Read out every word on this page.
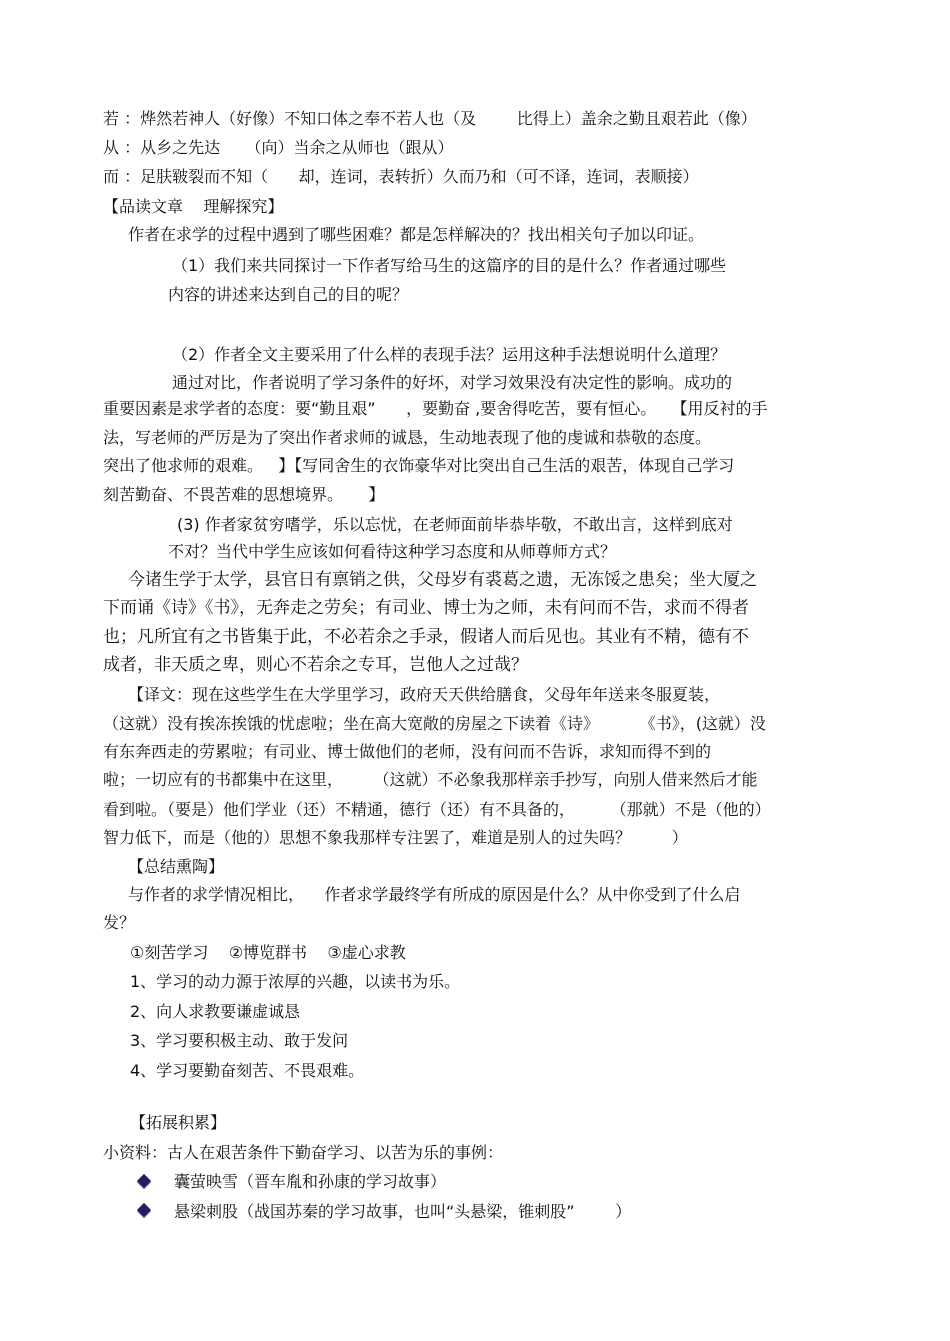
若 ：烨然若神人（好像）不知口体之奉不若人也（及        比得上）盖余之勤且艰若此（像）
从 ：从乡之先达     （向）当余之从师也（跟从）
而 ：足肤皲裂而不知（      却，连词，表转折）久而乃和（可不译，连词，表顺接）
【品读文章    理解探究】
作者在求学的过程中遇到了哪些困难？都是怎样解决的？找出相关句子加以印证。
（1）我们来共同探讨一下作者写给马生的这篇序的目的是什么？作者通过哪些
内容的讲述来达到自己的目的呢？
（2）作者全文主要采用了什么样的表现手法？运用这种手法想说明什么道理？
通过对比，作者说明了学习条件的好坏，对学习效果没有决定性的影响。成功的
重要因素是求学者的态度：要“勤且艰”      ，要勤奋 ,要舍得吃苦，要有恒心。   【用反衬的手
法，写老师的严厉是为了突出作者求师的诚恳，生动地表现了他的虔诚和恭敬的态度。
突出了他求师的艰难。   】【写同舍生的衣饰豪华对比突出自己生活的艰苦，体现自己学习
刻苦勤奋、不畏苦难的思想境界。     】
(3) 作者家贫穷嗜学，乐以忘忧，在老师面前毕恭毕敬，不敢出言，这样到底对
不对？当代中学生应该如何看待这种学习态度和从师尊师方式？
今诸生学于太学，县官日有禀销之供，父母岁有裘葛之遗，无冻馁之患矣；坐大厦之
下而诵《诗》《书》，无奔走之劳矣；有司业、博士为之师，未有问而不告，求而不得者
也；凡所宜有之书皆集于此，不必若余之手录，假诸人而后见也。其业有不精，德有不
成者，非天质之卑，则心不若余之专耳，岂他人之过哉？
【译文：现在这些学生在大学里学习，政府天天供给膳食，父母年年送来冬服夏装，
（这就）没有挨冻挨饿的忧虑啦；坐在高大宽敞的房屋之下读着《诗》        《书》，(这就）没
有东奔西走的劳累啦；有司业、博士做他们的老师，没有问而不告诉，求知而得不到的
啦；一切应有的书都集中在这里，      （这就）不必象我那样亲手抄写，向别人借来然后才能
看到啦。（要是）他们学业（还）不精通，德行（还）有不具备的，       （那就）不是（他的）
智力低下，而是（他的）思想不象我那样专注罢了，难道是别人的过失吗？        ）
【总结熏陶】
与作者的求学情况相比，    作者求学最终学有所成的原因是什么？从中你受到了什么启
发？
①刻苦学习    ②博览群书    ③虚心求教
1、学习的动力源于浓厚的兴趣，以读书为乐。
2、向人求教要谦虚诚恳
3、学习要积极主动、敢于发问
4、学习要勤奋刻苦、不畏艰难。
【拓展积累】
小资料：古人在艰苦条件下勤奋学习、以苦为乐的事例：
囊萤映雪（晋车胤和孙康的学习故事）
悬梁刺股（战国苏秦的学习故事，也叫“头悬梁，锥刺股”        ）
